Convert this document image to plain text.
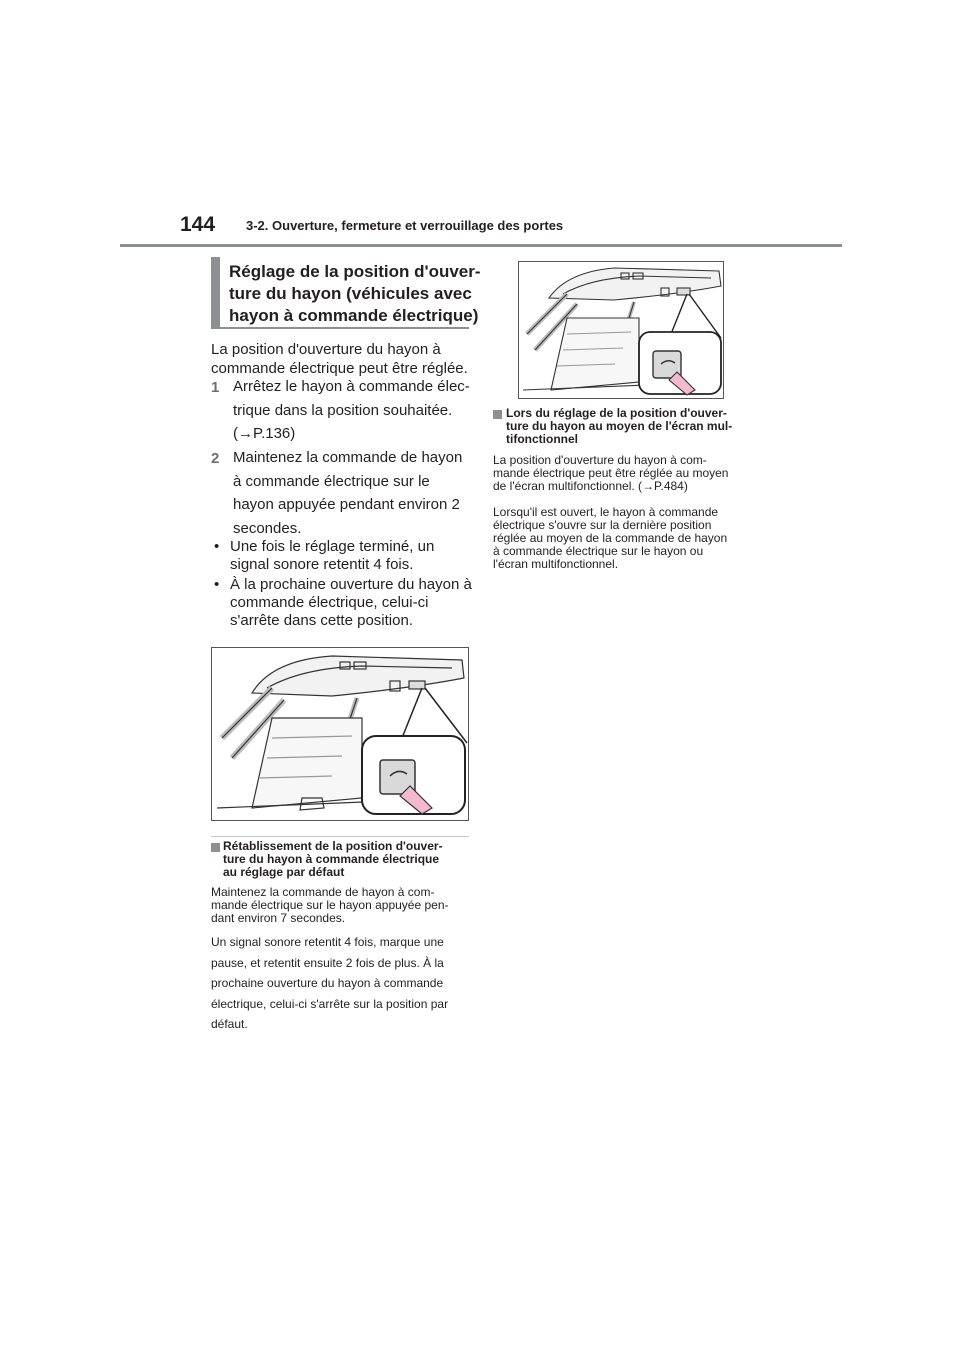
144 3-2. Ouverture, fermeture et verrouillage des portes
Réglage de la position d'ouver-
ture du hayon (véhicules avec
hayon à commande électrique)
La position d'ouverture du hayon à
commande électrique peut être réglée.
1 Arrêtez le hayon à commande élec-
trique dans la position souhaitée.
(→P.136)
2 Maintenez la commande de hayon
à commande électrique sur le
hayon appuyée pendant environ 2
secondes.
• Une fois le réglage terminé, un
signal sonore retentit 4 fois.
• À la prochaine ouverture du hayon à
commande électrique, celui-ci
s'arrête dans cette position.
Rétablissement de la position d'ouver-
ture du hayon à commande électrique
au réglage par défaut
Maintenez la commande de hayon à com-
mande électrique sur le hayon appuyée pen-
dant environ 7 secondes.
Un signal sonore retentit 4 fois, marque une
pause, et retentit ensuite 2 fois de plus. À la
prochaine ouverture du hayon à commande
électrique, celui-ci s'arrête sur la position par
défaut.
Lors du réglage de la position d'ouver-
ture du hayon au moyen de l'écran mul-
tifonctionnel
La position d'ouverture du hayon à com-
mande électrique peut être réglée au moyen
de l'écran multifonctionnel. (→P.484)
Lorsqu'il est ouvert, le hayon à commande
électrique s'ouvre sur la dernière position
réglée au moyen de la commande de hayon
à commande électrique sur le hayon ou
l'écran multifonctionnel.
